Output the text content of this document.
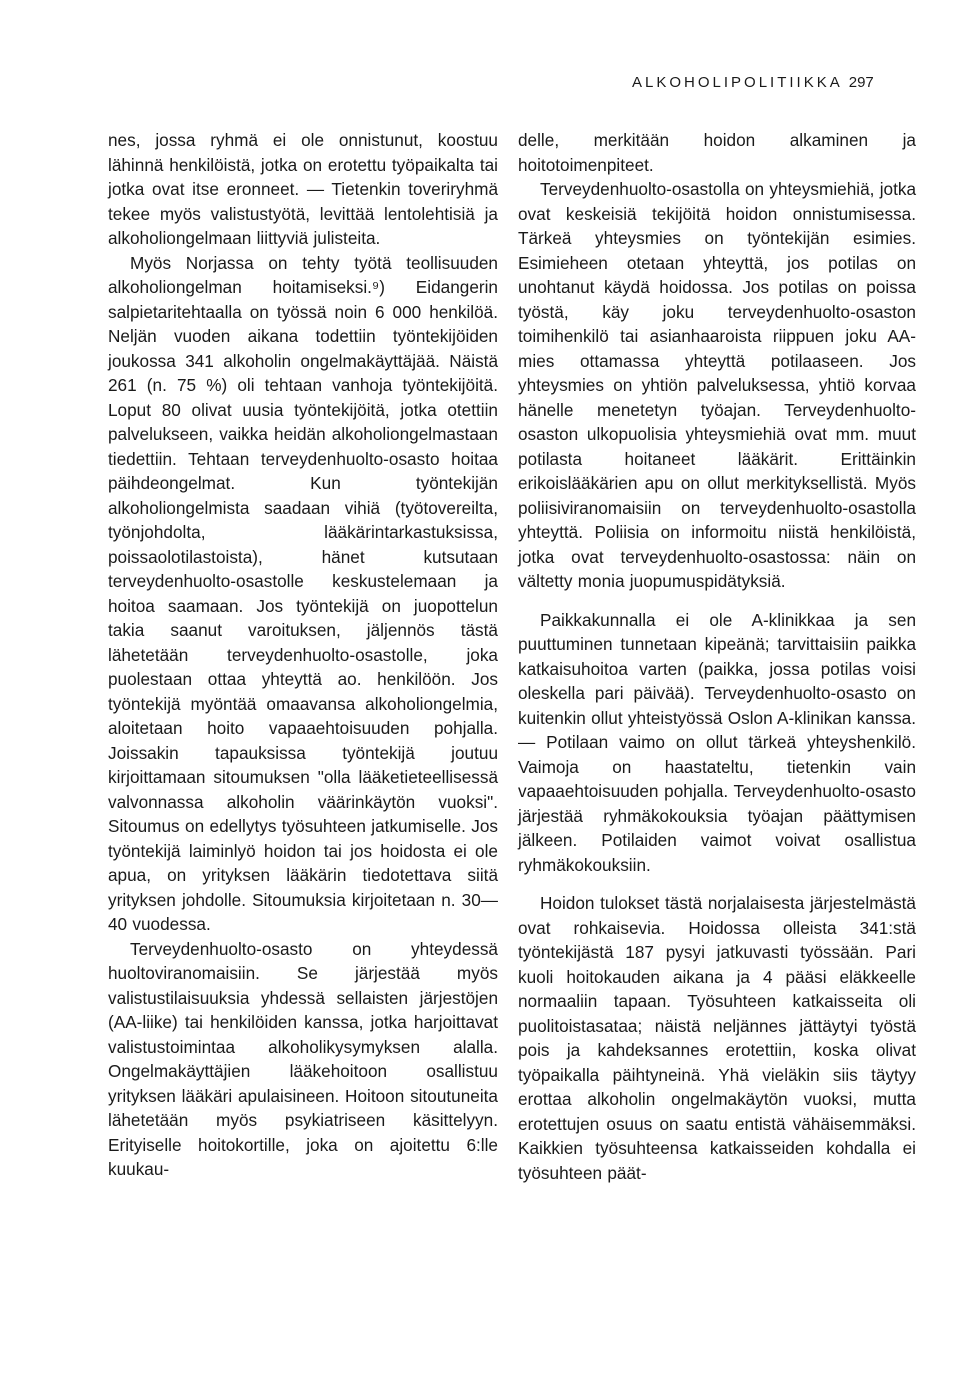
ALKOHOLIPOLITIIKKA 297

nes, jossa ryhmä ei ole onnistunut, koostuu lähinnä henkilöistä, jotka on erotettu työpaikalta tai jotka ovat itse eronneet. — Tietenkin toveriryhmä tekee myös valistustyötä, levittää lentolehtisiä ja alkoholiongelmaan liittyviä julisteita.

Myös Norjassa on tehty työtä teollisuuden alkoholiongelman hoitamiseksi.⁹) Eidangerin salpietaritehtaalla on työssä noin 6 000 henkilöä. Neljän vuoden aikana todettiin työntekijöiden joukossa 341 alkoholin ongelmakäyttäjää. Näistä 261 (n. 75 %) oli tehtaan vanhoja työntekijöitä. Loput 80 olivat uusia työntekijöitä, jotka otettiin palvelukseen, vaikka heidän alkoholiongelmastaan tiedettiin. Tehtaan terveydenhuolto-osasto hoitaa päihdeongelmat. Kun työntekijän alkoholiongelmista saadaan vihiä (työtovereilta, työnjohdolta, lääkärintarkastuksissa, poissaolotilastoista), hänet kutsutaan terveydenhuolto-osastolle keskustelemaan ja hoitoa saamaan. Jos työntekijä on juopottelun takia saanut varoituksen, jäljennös tästä lähetetään terveydenhuolto-osastolle, joka puolestaan ottaa yhteyttä ao. henkilöön. Jos työntekijä myöntää omaavansa alkoholiongelmia, aloitetaan hoito vapaaehtoisuuden pohjalla. Joissakin tapauksissa työntekijä joutuu kirjoittamaan sitoumuksen "olla lääketieteellisessä valvonnassa alkoholin väärinkäytön vuoksi". Sitoumus on edellytys työsuhteen jatkumiselle. Jos työntekijä laiminlyö hoidon tai jos hoidosta ei ole apua, on yrityksen lääkärin tiedotettava siitä yrityksen johdolle. Sitoumuksia kirjoitetaan n. 30—40 vuodessa.

Terveydenhuolto-osasto on yhteydessä huoltoviranomaisiin. Se järjestää myös valistustilaisuuksia yhdessä sellaisten järjestöjen (AA-liike) tai henkilöiden kanssa, jotka harjoittavat valistustoimintaa alkoholikysymyksen alalla. Ongelmakäyttäjien lääkehoitoon osallistuu yrityksen lääkäri apulaisineen. Hoitoon sitoutuneita lähetetään myös psykiatriseen käsittelyyn. Erityiselle hoitokortille, joka on ajoitettu 6:lle kuukau-

delle, merkitään hoidon alkaminen ja hoitotoimenpiteet.

Terveydenhuolto-osastolla on yhteysmiehiä, jotka ovat keskeisiä tekijöitä hoidon onnistumisessa. Tärkeä yhteysmies on työntekijän esimies. Esimieheen otetaan yhteyttä, jos potilas on unohtanut käydä hoidossa. Jos potilas on poissa työstä, käy joku terveydenhuolto-osaston toimihenkilö tai asianhaaroista riippuen joku AA-mies ottamassa yhteyttä potilaaseen. Jos yhteysmies on yhtiön palveluksessa, yhtiö korvaa hänelle menetetyn työajan. Terveydenhuolto-osaston ulkopuolisia yhteysmiehiä ovat mm. muut potilasta hoitaneet lääkärit. Erittäinkin erikoislääkärien apu on ollut merkityksellistä. Myös poliisiviranomaisiin on terveydenhuolto-osastolla yhteyttä. Poliisia on informoitu niistä henkilöistä, jotka ovat terveydenhuolto-osastossa: näin on vältetty monia juopumuspidätyksiä.

Paikkakunnalla ei ole A-klinikkaa ja sen puuttuminen tunnetaan kipeänä; tarvittaisiin paikka katkaisuhoitoa varten (paikka, jossa potilas voisi oleskella pari päivää). Terveydenhuolto-osasto on kuitenkin ollut yhteistyössä Oslon A-klinikan kanssa. — Potilaan vaimo on ollut tärkeä yhteyshenkilö. Vaimoja on haastateltu, tietenkin vain vapaaehtoisuuden pohjalla. Terveydenhuolto-osasto järjestää ryhmäkokouksia työajan päättymisen jälkeen. Potilaiden vaimot voivat osallistua ryhmäkokouksiin.

Hoidon tulokset tästä norjalaisesta järjestelmästä ovat rohkaisevia. Hoidossa olleista 341:stä työntekijästä 187 pysyi jatkuvasti työssään. Pari kuoli hoitokauden aikana ja 4 pääsi eläkkeelle normaaliin tapaan. Työsuhteen katkaisseita oli puolitoistasataa; näistä neljännes jättäytyi työstä pois ja kahdeksannes erotettiin, koska olivat työpaikalla päihtyneinä. Yhä vieläkin siis täytyy erottaa alkoholin ongelmakäytön vuoksi, mutta erotettujen osuus on saatu entistä vähäisemmäksi. Kaikkien työsuhteensa katkaisseiden kohdalla ei työsuhteen päät-
